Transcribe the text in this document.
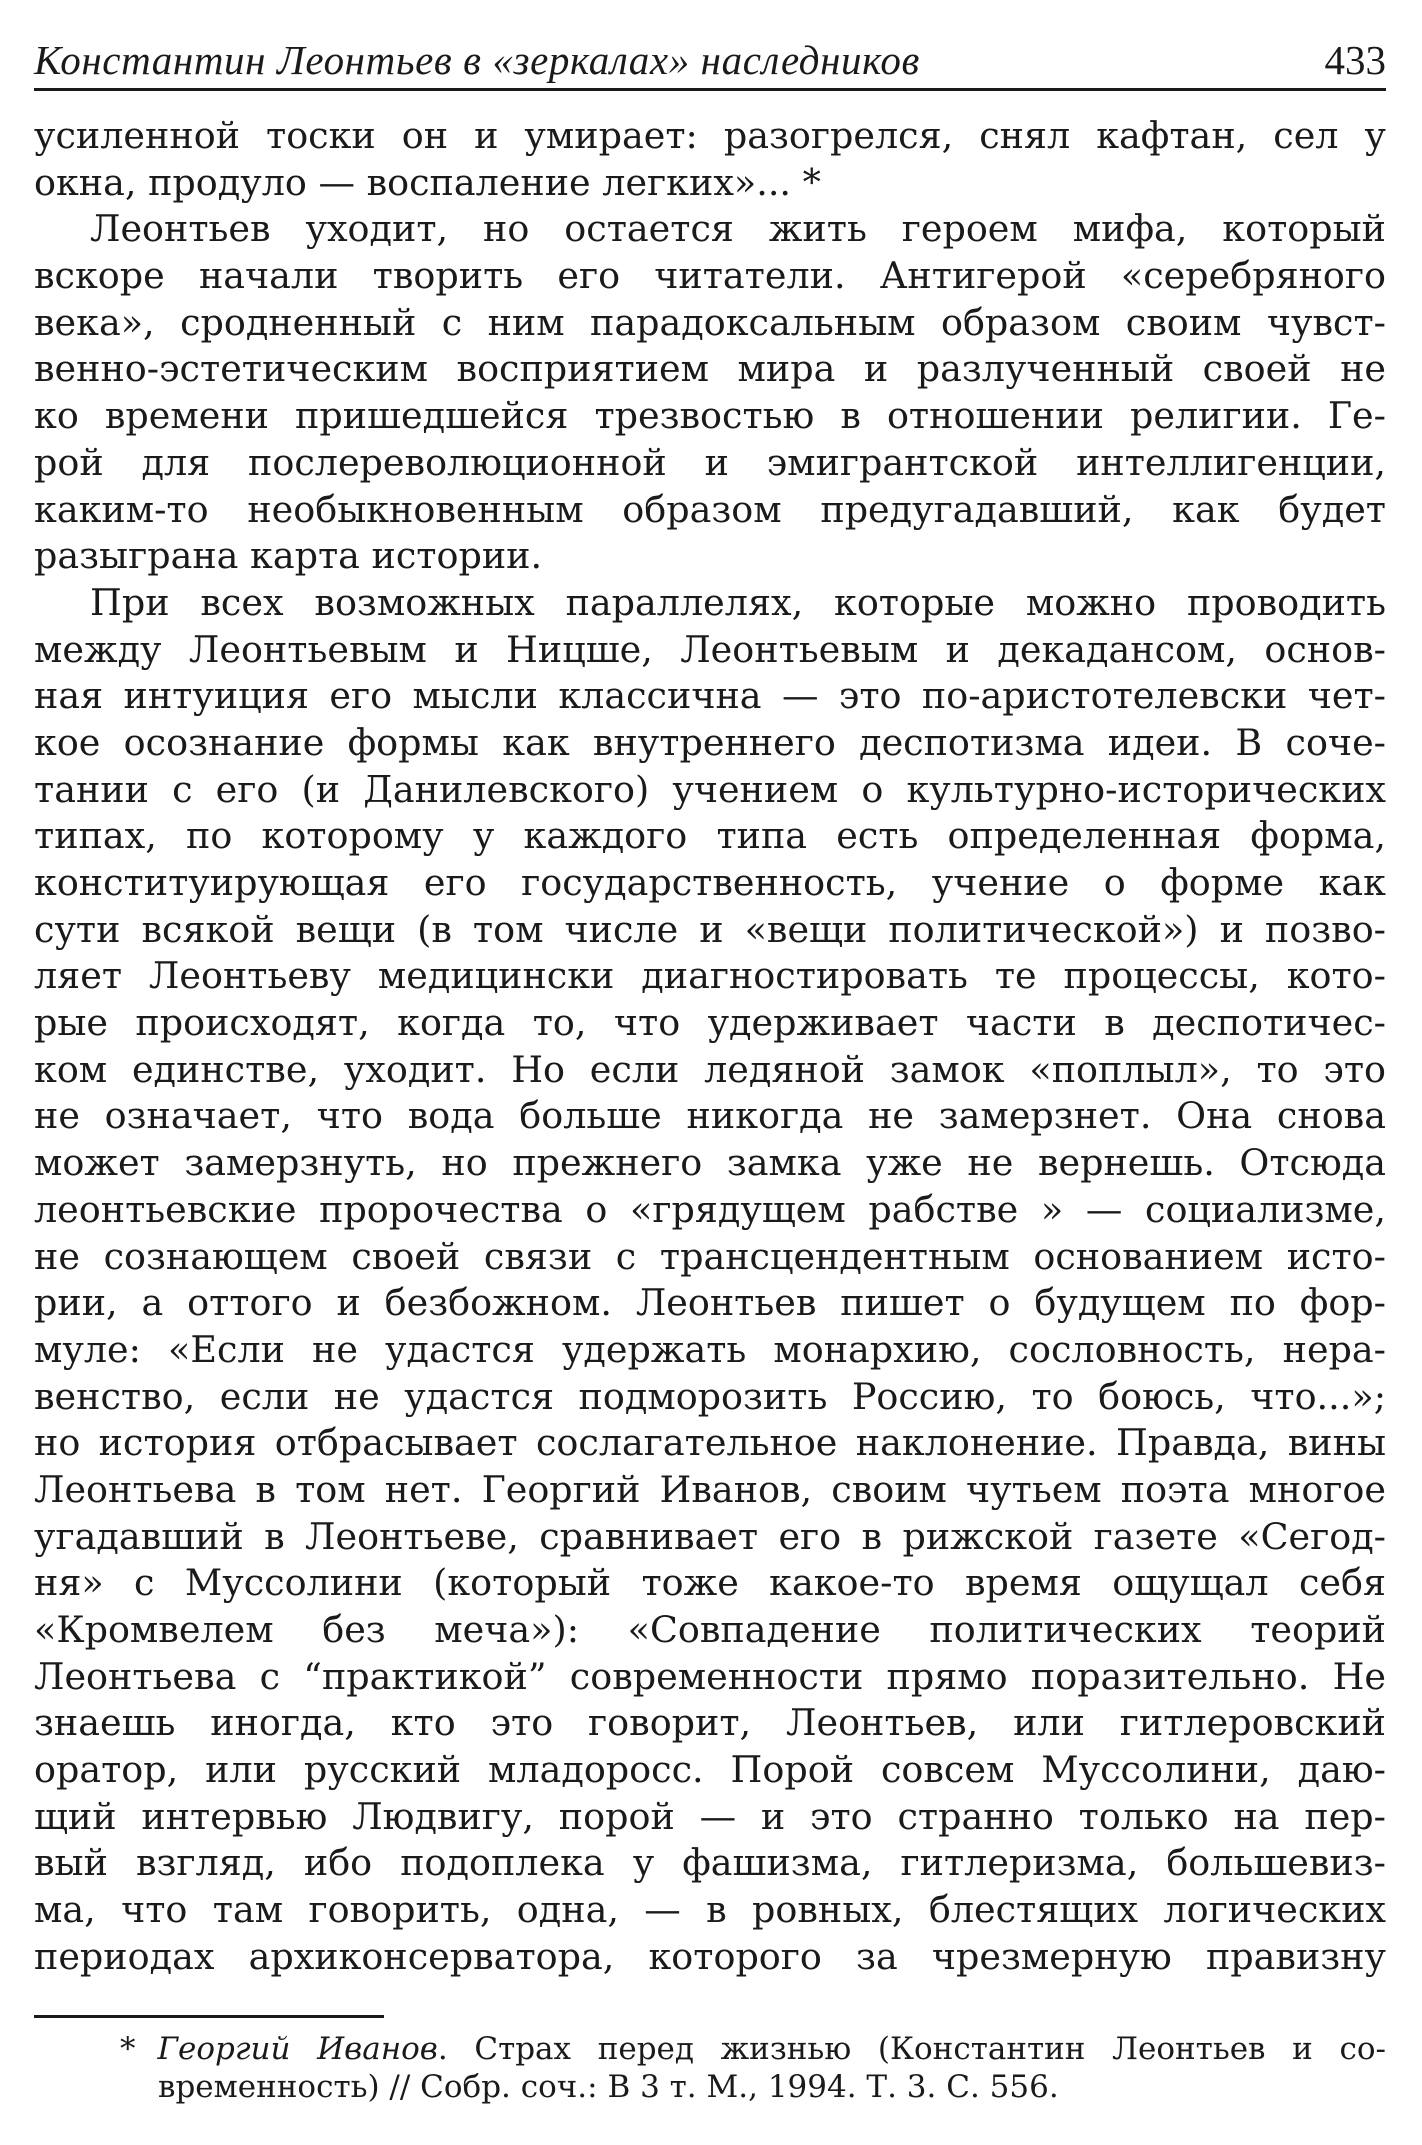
Константин Леонтьев в «зеркалах» наследников	433
усиленной тоски он и умирает: разогрелся, снял кафтан, сел у
окна, продуло — воспаление легких»... *
Леонтьев уходит, но остается жить героем мифа, который
вскоре начали творить его читатели. Антигерой «серебряного
века», сродненный с ним парадоксальным образом своим чувст-
венно-эстетическим восприятием мира и разлученный своей не
ко времени пришедшейся трезвостью в отношении религии. Ге-
рой для послереволюционной и эмигрантской интеллигенции,
каким-то необыкновенным образом предугадавший, как будет
разыграна карта истории.
При всех возможных параллелях, которые можно проводить
между Леонтьевым и Ницше, Леонтьевым и декадансом, основ-
ная интуиция его мысли классична — это по-аристотелевски чет-
кое осознание формы как внутреннего деспотизма идеи. В соче-
тании с его (и Данилевского) учением о культурно-исторических
типах, по которому у каждого типа есть определенная форма,
конституирующая его государственность, учение о форме как
сути всякой вещи (в том числе и «вещи политической») и позво-
ляет Леонтьеву медицински диагностировать те процессы, кото-
рые происходят, когда то, что удерживает части в деспотичес-
ком единстве, уходит. Но если ледяной замок «поплыл», то это
не означает, что вода больше никогда не замерзнет. Она снова
может замерзнуть, но прежнего замка уже не вернешь. Отсюда
леонтьевские пророчества о «грядущем рабстве » — социализме,
не сознающем своей связи с трансцендентным основанием исто-
рии, а оттого и безбожном. Леонтьев пишет о будущем по фор-
муле: «Если не удастся удержать монархию, сословность, нера-
венство, если не удастся подморозить Россию, то боюсь, что...»;
но история отбрасывает сослагательное наклонение. Правда, вины
Леонтьева в том нет. Георгий Иванов, своим чутьем поэта многое
угадавший в Леонтьеве, сравнивает его в рижской газете «Сегод-
ня» с Муссолини (который тоже какое-то время ощущал себя
«Кромвелем без меча»): «Совпадение политических теорий
Леонтьева с “практикой” современности прямо поразительно. Не
знаешь иногда, кто это говорит, Леонтьев, или гитлеровский
оратор, или русский младоросс. Порой совсем Муссолини, даю-
щий интервью Людвигу, порой — и это странно только на пер-
вый взгляд, ибо подоплека у фашизма, гитлеризма, большевиз-
ма, что там говорить, одна, — в ровных, блестящих логических
периодах архиконсерватора, которого за чрезмерную правизну
* Георгий Иванов. Страх перед жизнью (Константин Леонтьев и со-
временность) // Собр. соч.: В 3 т. М., 1994. Т. 3. С. 556.
